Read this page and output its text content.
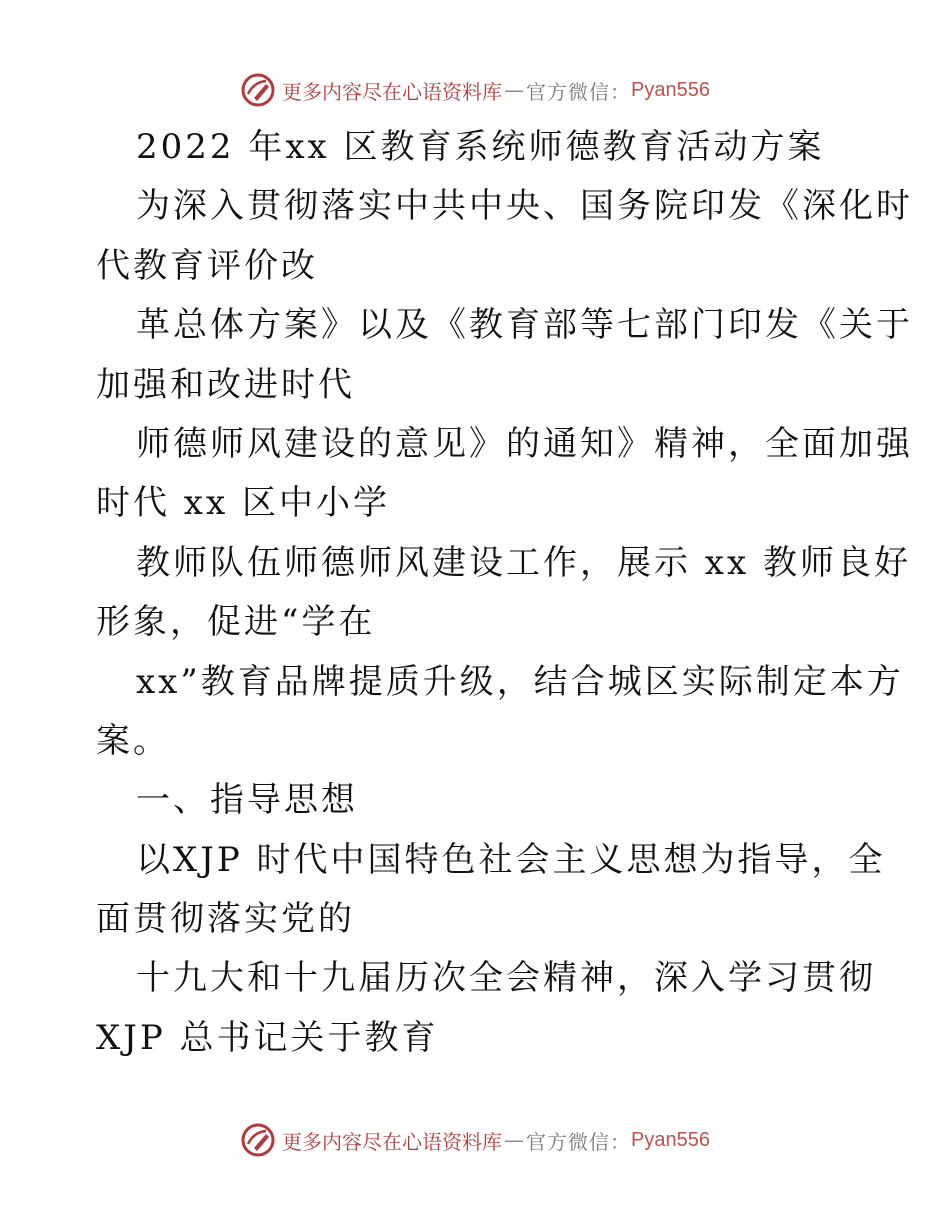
更多内容尽在心语资料库 — 官方微信： Pyan556
2022 年xx 区教育系统师德教育活动方案
为深入贯彻落实中共中央、国务院印发《深化时
代教育评价改
革总体方案》以及《教育部等七部门印发《关于
加强和改进时代
师德师风建设的意见》的通知》精神，全面加强
时代 xx 区中小学
教师队伍师德师风建设工作，展示 xx 教师良好
形象，促进“学在
xx”教育品牌提质升级，结合城区实际制定本方
案。
一、指导思想
以XJP 时代中国特色社会主义思想为指导，全
面贯彻落实党的
十九大和十九届历次全会精神，深入学习贯彻
XJP 总书记关于教育
更多内容尽在心语资料库 — 官方微信： Pyan556
